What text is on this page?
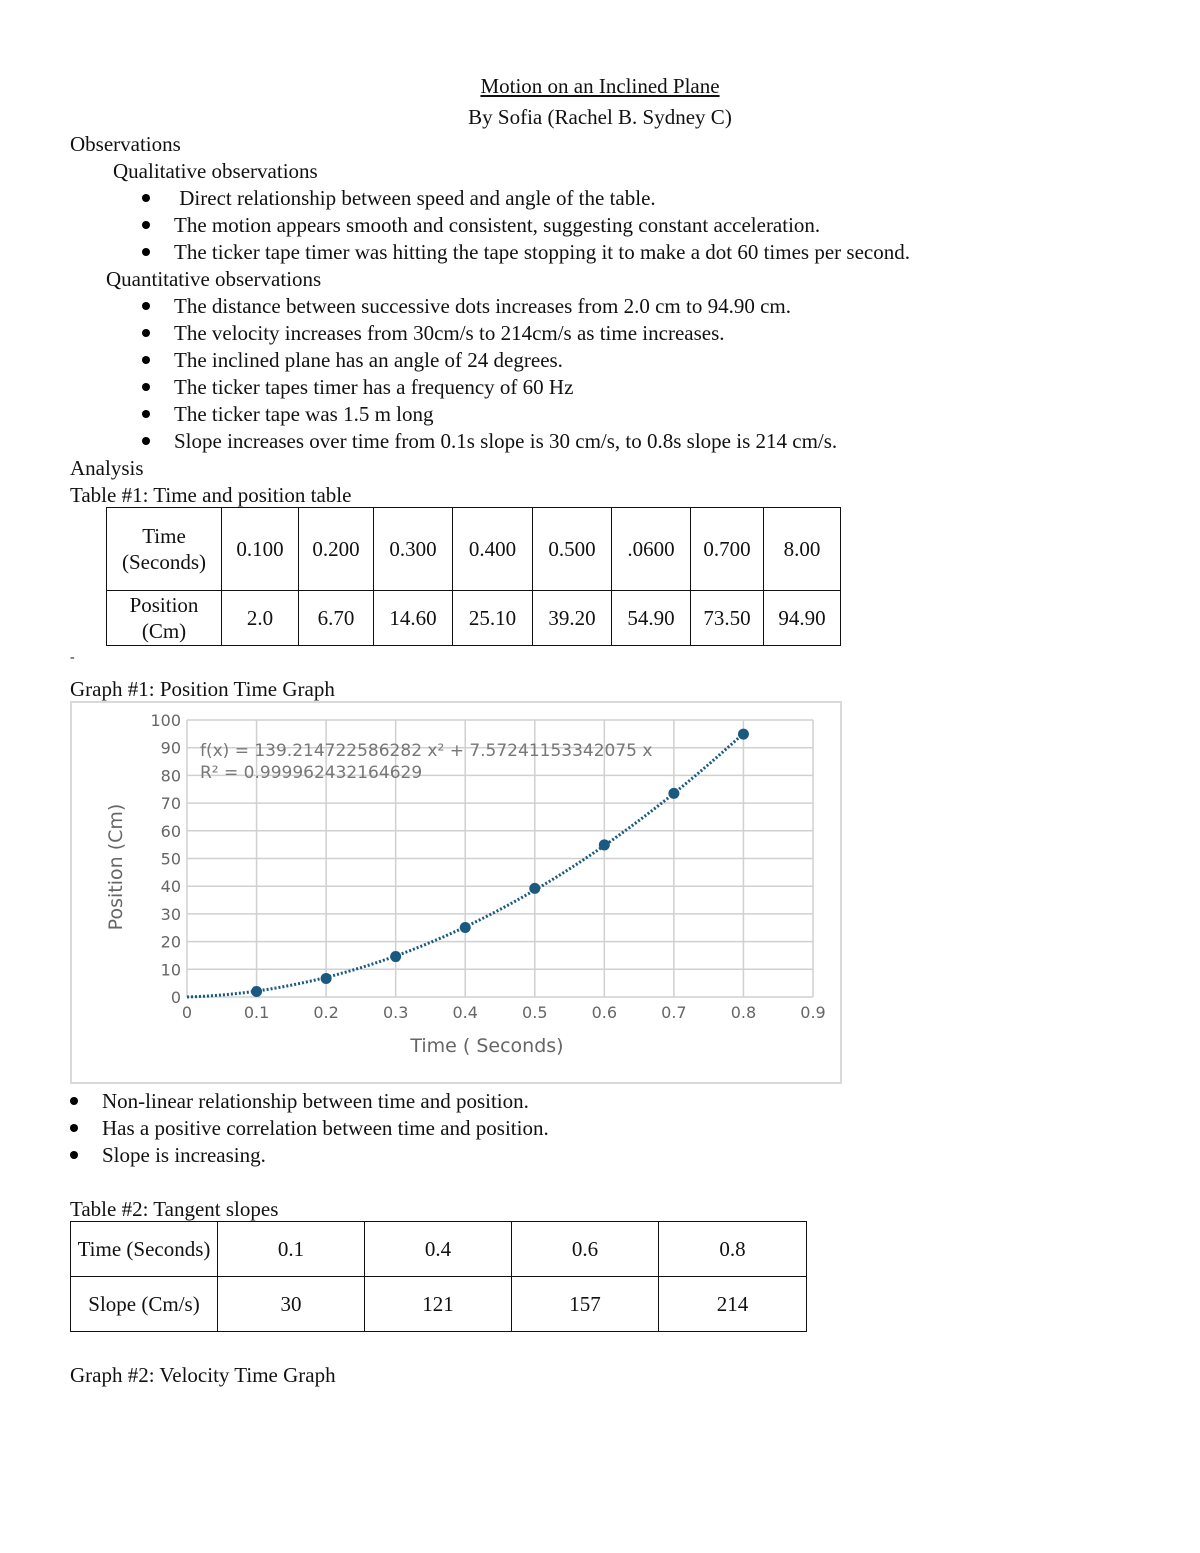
Motion on an Inclined Plane
By Sofia (Rachel B. Sydney C)
Observations
Qualitative observations
Direct relationship between speed and angle of the table.
The motion appears smooth and consistent, suggesting constant acceleration.
The ticker tape timer was hitting the tape stopping it to make a dot 60 times per second.
Quantitative observations
The distance between successive dots increases from 2.0 cm to 94.90 cm.
The velocity increases from 30cm/s to 214cm/s as time increases.
The inclined plane has an angle of 24 degrees.
The ticker tapes timer has a frequency of 60 Hz
The ticker tape was 1.5 m long
Slope increases over time from 0.1s slope is 30 cm/s, to 0.8s slope is 214 cm/s.
Analysis
Table #1: Time and position table
Time (Seconds)	0.100	0.200	0.300	0.400	0.500	.0600	0.700	8.00
Position (Cm)	2.0	6.70	14.60	25.10	39.20	54.90	73.50	94.90
-
Graph #1: Position Time Graph
0
10
20
30
40
50
60
70
80
90
100
0	0.1	0.2	0.3	0.4	0.5	0.6	0.7	0.8	0.9
f(x) = 139.214722586282 x² + 7.57241153342075 x
R² = 0.999962432164629
Time ( Seconds)
Position (Cm)
Non-linear relationship between time and position.
Has a positive correlation between time and position.
Slope is increasing.
Table #2: Tangent slopes
Time (Seconds)	0.1	0.4	0.6	0.8
Slope (Cm/s)	30	121	157	214
Graph #2: Velocity Time Graph
